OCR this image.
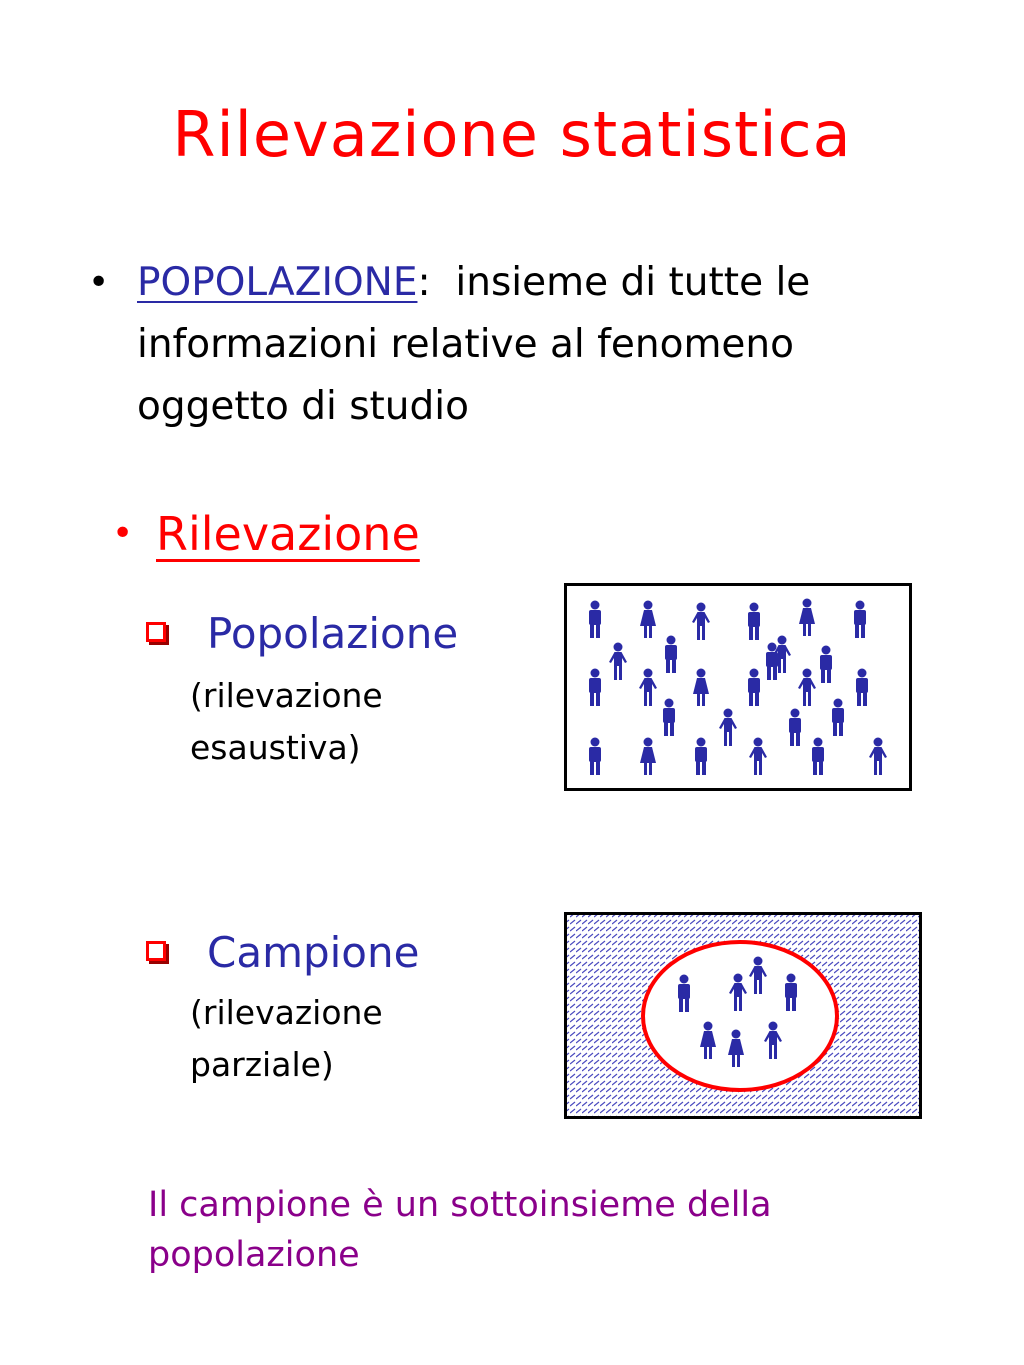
Rilevazione statistica
• POPOLAZIONE:  insieme di tutte le informazioni relative al fenomeno oggetto di studio
• Rilevazione
Popolazione
(rilevazione
esaustiva)
Campione
(rilevazione
parziale)
Il campione è un sottoinsieme della popolazione
